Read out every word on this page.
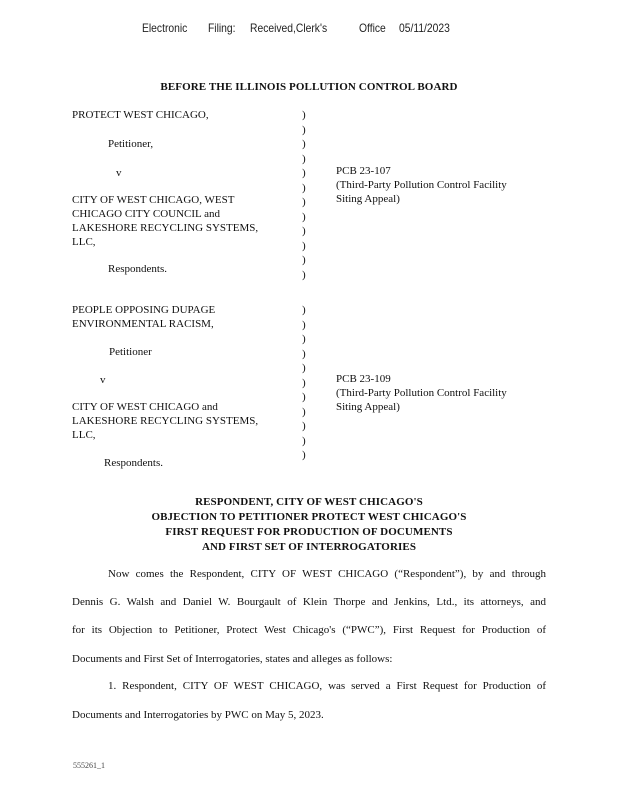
Electronic Filing: Received,Clerk's	Office 05/11/2023
BEFORE THE ILLINOIS POLLUTION CONTROL BOARD
PROTECT WEST CHICAGO,
Petitioner,
v
CITY OF WEST CHICAGO, WEST
CHICAGO CITY COUNCIL and
LAKESHORE RECYCLING SYSTEMS,
LLC,
Respondents.
)
)
)
)
)
)
)
)
)
)
)
)
PCB 23-107
(Third-Party Pollution Control Facility
Siting Appeal)
PEOPLE OPPOSING DUPAGE
ENVIRONMENTAL RACISM,
Petitioner
v
CITY OF WEST CHICAGO and
LAKESHORE RECYCLING SYSTEMS,
LLC,
Respondents.
)
)
)
)
)
)
)
)
)
)
)
PCB 23-109
(Third-Party Pollution Control Facility
Siting Appeal)
RESPONDENT, CITY OF WEST CHICAGO'S
OBJECTION TO PETITIONER PROTECT WEST CHICAGO'S
FIRST REQUEST FOR PRODUCTION OF DOCUMENTS
AND FIRST SET OF INTERROGATORIES
Now comes the Respondent, CITY OF WEST CHICAGO (“Respondent”), by and through
Dennis G. Walsh and Daniel W. Bourgault of Klein Thorpe and Jenkins, Ltd., its attorneys, and
for its Objection to Petitioner, Protect West Chicago's (“PWC”), First Request for Production of
Documents and First Set of Interrogatories, states and alleges as follows:
1. Respondent, CITY OF WEST CHICAGO, was served a First Request for Production of
Documents and Interrogatories by PWC on May 5, 2023.
555261_1
